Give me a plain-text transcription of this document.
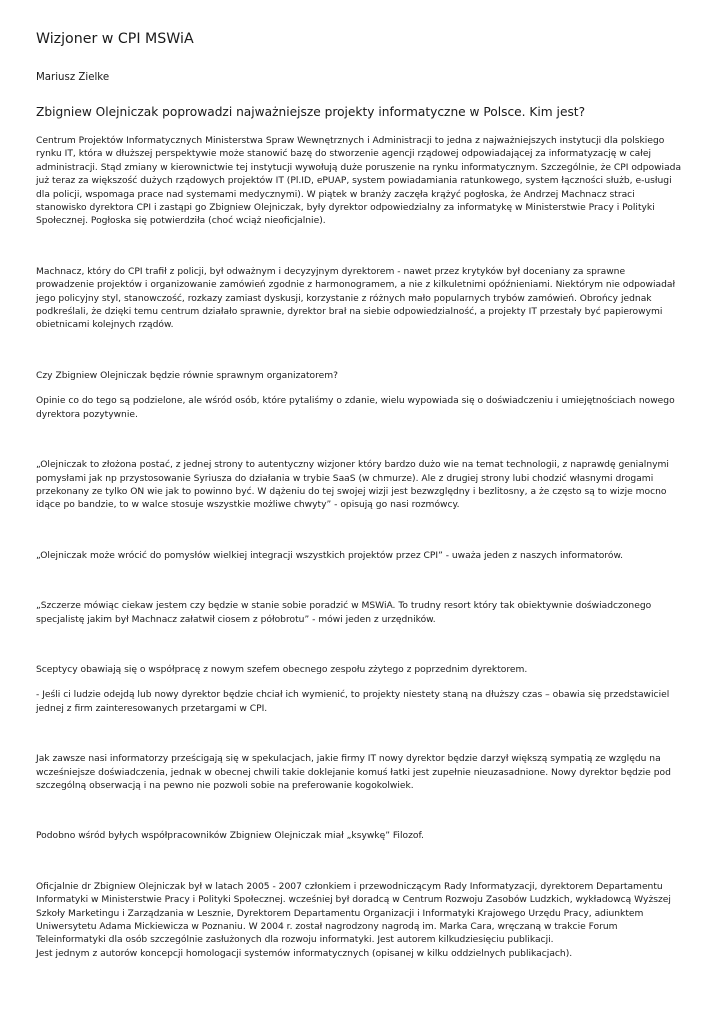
Wizjoner w CPI MSWiA
Mariusz Zielke
Zbigniew Olejniczak poprowadzi najważniejsze projekty informatyczne w Polsce. Kim jest?
Centrum Projektów Informatycznych Ministerstwa Spraw Wewnętrznych i Administracji to jedna z najważniejszych instytucji dla polskiego
rynku IT, która w dłuższej perspektywie może stanowić bazę do stworzenie agencji rządowej odpowiadającej za informatyzację w całej
administracji. Stąd zmiany w kierownictwie tej instytucji wywołują duże poruszenie na rynku informatycznym. Szczególnie, że CPI odpowiada
już teraz za większość dużych rządowych projektów IT (Pl.ID, ePUAP, system powiadamiania ratunkowego, system łączności służb, e-usługi
dla policji, wspomaga prace nad systemami medycznymi). W piątek w branży zaczęła krążyć pogłoska, że Andrzej Machnacz straci
stanowisko dyrektora CPI i zastąpi go Zbigniew Olejniczak, były dyrektor odpowiedzialny za informatykę w Ministerstwie Pracy i Polityki
Społecznej. Pogłoska się potwierdziła (choć wciąż nieoficjalnie).
Machnacz, który do CPI trafił z policji, był odważnym i decyzyjnym dyrektorem - nawet przez krytyków był doceniany za sprawne
prowadzenie projektów i organizowanie zamówień zgodnie z harmonogramem, a nie z kilkuletnimi opóźnieniami. Niektórym nie odpowiadał
jego policyjny styl, stanowczość, rozkazy zamiast dyskusji, korzystanie z różnych mało popularnych trybów zamówień. Obrońcy jednak
podkreślali, że dzięki temu centrum działało sprawnie, dyrektor brał na siebie odpowiedzialność, a projekty IT przestały być papierowymi
obietnicami kolejnych rządów.
Czy Zbigniew Olejniczak będzie równie sprawnym organizatorem?
Opinie co do tego są podzielone, ale wśród osób, które pytaliśmy o zdanie, wielu wypowiada się o doświadczeniu i umiejętnościach nowego
dyrektora pozytywnie.
„Olejniczak to złożona postać, z jednej strony to autentyczny wizjoner który bardzo dużo wie na temat technologii, z naprawdę genialnymi
pomysłami jak np przystosowanie Syriusza do działania w trybie SaaS (w chmurze). Ale z drugiej strony lubi chodzić własnymi drogami
przekonany ze tylko ON wie jak to powinno być. W dążeniu do tej swojej wizji jest bezwzględny i bezlitosny, a że często są to wizje mocno
idące po bandzie, to w walce stosuje wszystkie możliwe chwyty” - opisują go nasi rozmówcy.
„Olejniczak może wrócić do pomysłów wielkiej integracji wszystkich projektów przez CPI” - uważa jeden z naszych informatorów.
„Szczerze mówiąc ciekaw jestem czy będzie w stanie sobie poradzić w MSWiA. To trudny resort który tak obiektywnie doświadczonego
specjalistę jakim był Machnacz załatwił ciosem z półobrotu” - mówi jeden z urzędników.
Sceptycy obawiają się o współpracę z nowym szefem obecnego zespołu zżytego z poprzednim dyrektorem.
- Jeśli ci ludzie odejdą lub nowy dyrektor będzie chciał ich wymienić, to projekty niestety staną na dłuższy czas – obawia się przedstawiciel
jednej z firm zainteresowanych przetargami w CPI.
Jak zawsze nasi informatorzy prześcigają się w spekulacjach, jakie firmy IT nowy dyrektor będzie darzył większą sympatią ze względu na
wcześniejsze doświadczenia, jednak w obecnej chwili takie doklejanie komuś łatki jest zupełnie nieuzasadnione. Nowy dyrektor będzie pod
szczególną obserwacją i na pewno nie pozwoli sobie na preferowanie kogokolwiek.
Podobno wśród byłych współpracowników Zbigniew Olejniczak miał „ksywkę” Filozof.
Oficjalnie dr Zbigniew Olejniczak był w latach 2005 - 2007 członkiem i przewodniczącym Rady Informatyzacji, dyrektorem Departamentu
Informatyki w Ministerstwie Pracy i Polityki Społecznej. wcześniej był doradcą w Centrum Rozwoju Zasobów Ludzkich, wykładowcą Wyższej
Szkoły Marketingu i Zarządzania w Lesznie, Dyrektorem Departamentu Organizacji i Informatyki Krajowego Urzędu Pracy, adiunktem
Uniwersytetu Adama Mickiewicza w Poznaniu. W 2004 r. został nagrodzony nagrodą im. Marka Cara, wręczaną w trakcie Forum
Teleinformatyki dla osób szczególnie zasłużonych dla rozwoju informatyki. Jest autorem kilkudziesięciu publikacji.
Jest jednym z autorów koncepcji homologacji systemów informatycznych (opisanej w kilku oddzielnych publikacjach).
